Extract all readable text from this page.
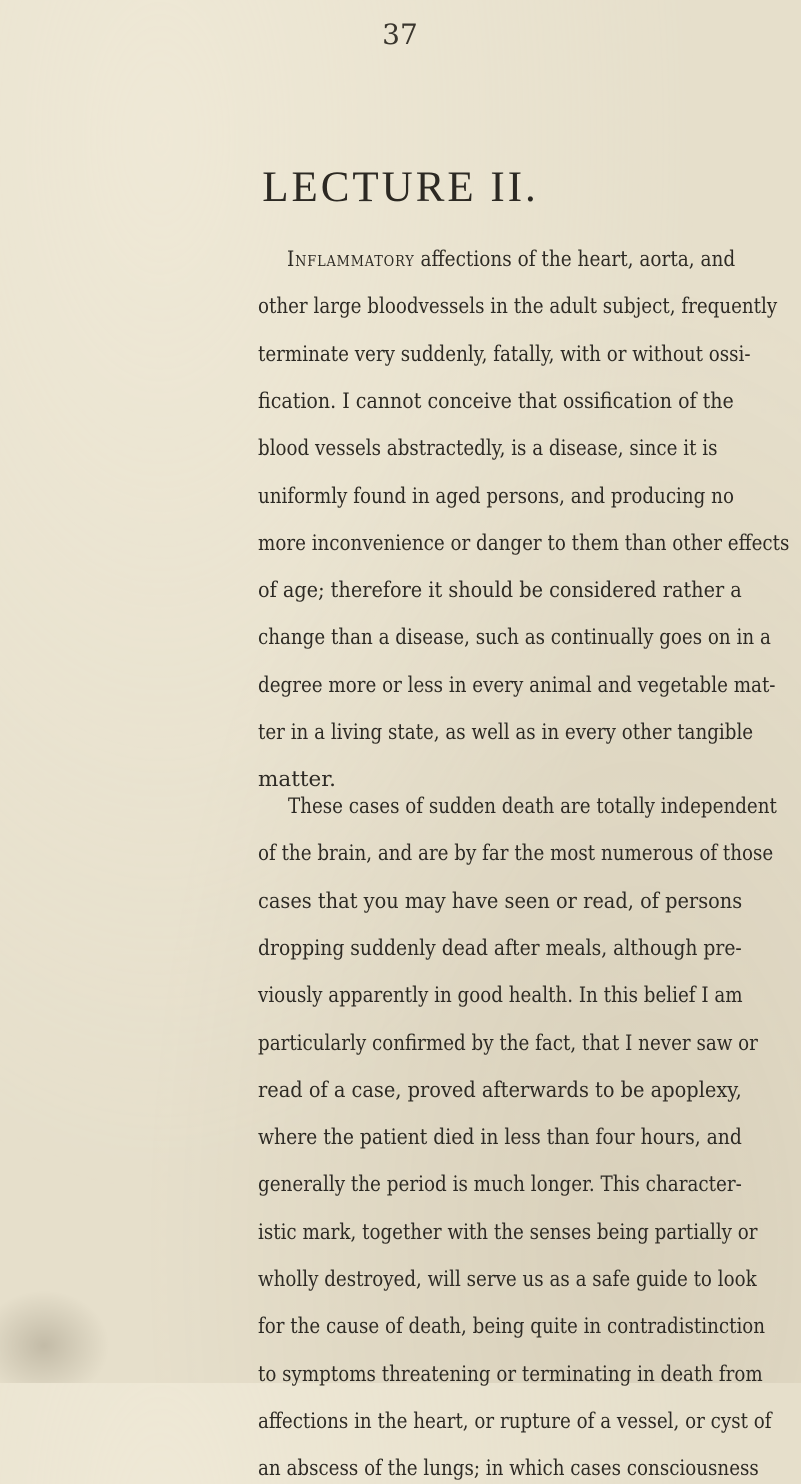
37
LECTURE II.
Inflammatory affections of the heart, aorta, and
other large bloodvessels in the adult subject, frequently
terminate very suddenly, fatally, with or without ossi-
fication. I cannot conceive that ossification of the
blood vessels abstractedly, is a disease, since it is
uniformly found in aged persons, and producing no
more inconvenience or danger to them than other effects
of age; therefore it should be considered rather a
change than a disease, such as continually goes on in a
degree more or less in every animal and vegetable mat-
ter in a living state, as well as in every other tangible
matter.
These cases of sudden death are totally independent
of the brain, and are by far the most numerous of those
cases that you may have seen or read, of persons
dropping suddenly dead after meals, although pre-
viously apparently in good health. In this belief I am
particularly confirmed by the fact, that I never saw or
read of a case, proved afterwards to be apoplexy,
where the patient died in less than four hours, and
generally the period is much longer. This character-
istic mark, together with the senses being partially or
wholly destroyed, will serve us as a safe guide to look
for the cause of death, being quite in contradistinction
to symptoms threatening or terminating in death from
affections in the heart, or rupture of a vessel, or cyst of
an abscess of the lungs; in which cases consciousness
